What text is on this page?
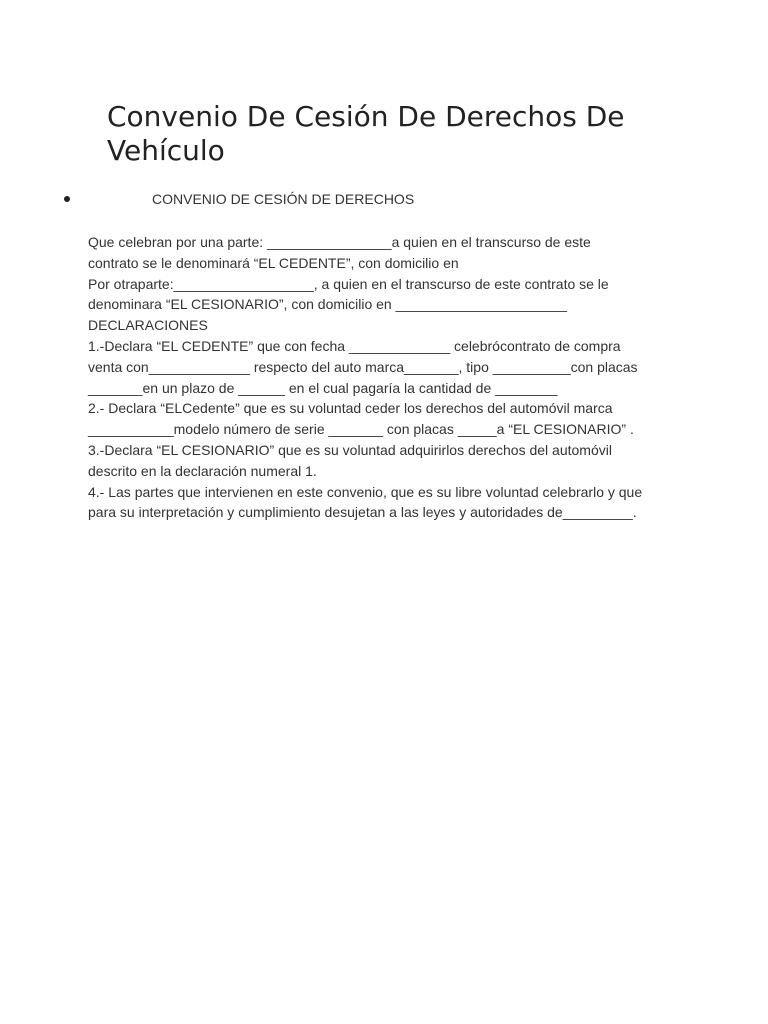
Convenio De Cesión De Derechos De Vehículo
CONVENIO DE CESIÓN DE DERECHOS
Que celebran por una parte: ________________a quien en el transcurso de este
contrato se le denominará “EL CEDENTE”, con domicilio en
Por otraparte:__________________, a quien en el transcurso de este contrato se le
denominara “EL CESIONARIO”, con domicilio en ______________________
DECLARACIONES
1.-Declara “EL CEDENTE” que con fecha _____________ celebrócontrato de compra
venta con_____________ respecto del auto marca_______, tipo __________con placas
_______en un plazo de ______ en el cual pagaría la cantidad de ________
2.- Declara “ELCedente” que es su voluntad ceder los derechos del automóvil marca
___________modelo número de serie _______ con placas _____a “EL CESIONARIO” .
3.-Declara “EL CESIONARIO” que es su voluntad adquirirlos derechos del automóvil
descrito en la declaración numeral 1.
4.- Las partes que intervienen en este convenio, que es su libre voluntad celebrarlo y que
para su interpretación y cumplimiento desujetan a las leyes y autoridades de_________.
